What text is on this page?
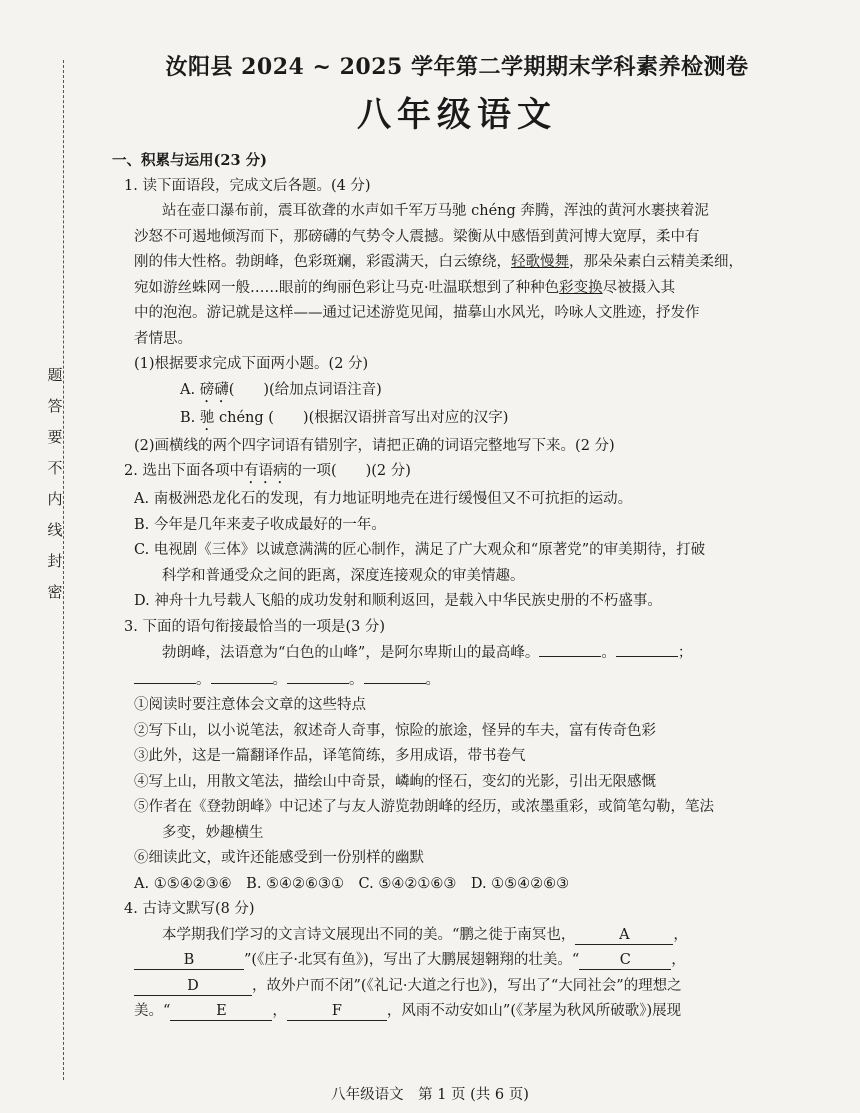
题
答
要
不
内
线
封
密
汝阳县 2024 ~ 2025 学年第二学期期末学科素养检测卷
八年级语文
一、积累与运用(23 分)
1. 读下面语段，完成文后各题。(4 分)
站在壶口瀑布前，震耳欲聋的水声如千军万马驰 chéng 奔腾，浑浊的黄河水裹挟着泥
沙怒不可遏地倾泻而下，那磅礴的气势令人震撼。梁衡从中感悟到黄河博大宽厚，柔中有
刚的伟大性格。勃朗峰，色彩斑斓，彩霞满天，白云缭绕，轻歌慢舞，那朵朵素白云精美柔细，
宛如游丝蛛网一般……眼前的绚丽色彩让马克·吐温联想到了种种色彩变换尽被摄入其
中的泡泡。游记就是这样——通过记述游览见闻，描摹山水风光，吟咏人文胜迹，抒发作
者情思。
(1)根据要求完成下面两小题。(2 分)
A. 磅礴(　　)(给加点词语注音)
B. 驰 chéng (　　)(根据汉语拼音写出对应的汉字)
(2)画横线的两个四字词语有错别字，请把正确的词语完整地写下来。(2 分)
2. 选出下面各项中有语病的一项(　　)(2 分)
A. 南极洲恐龙化石的发现，有力地证明地壳在进行缓慢但又不可抗拒的运动。
B. 今年是几年来麦子收成最好的一年。
C. 电视剧《三体》以诚意满满的匠心制作，满足了广大观众和“原著党”的审美期待，打破
科学和普通受众之间的距离，深度连接观众的审美情趣。
D. 神舟十九号载人飞船的成功发射和顺利返回，是载入中华民族史册的不朽盛事。
3. 下面的语句衔接最恰当的一项是(3 分)
勃朗峰，法语意为“白色的山峰”，是阿尔卑斯山的最高峰。	。	；
。	。	。	。
①阅读时要注意体会文章的这些特点
②写下山，以小说笔法，叙述奇人奇事，惊险的旅途，怪异的车夫，富有传奇色彩
③此外，这是一篇翻译作品，译笔简练，多用成语，带书卷气
④写上山，用散文笔法，描绘山中奇景，嶙峋的怪石，变幻的光影，引出无限感慨
⑤作者在《登勃朗峰》中记述了与友人游览勃朗峰的经历，或浓墨重彩，或简笔勾勒，笔法
多变，妙趣横生
⑥细读此文，或许还能感受到一份别样的幽默
A. ①⑤④②③⑥　B. ⑤④②⑥③①　C. ⑤④②①⑥③　D. ①⑤④②⑥③
4. 古诗文默写(8 分)
本学期我们学习的文言诗文展现出不同的美。“鹏之徙于南冥也，	A	，
B	”(《庄子·北冥有鱼》)，写出了大鹏展翅翱翔的壮美。“	C	，
D	，故外户而不闭”(《礼记·大道之行也》)，写出了“大同社会”的理想之
美。“	E	，	F	，风雨不动安如山”(《茅屋为秋风所破歌》)展现
八年级语文　第 1 页 (共 6 页)
